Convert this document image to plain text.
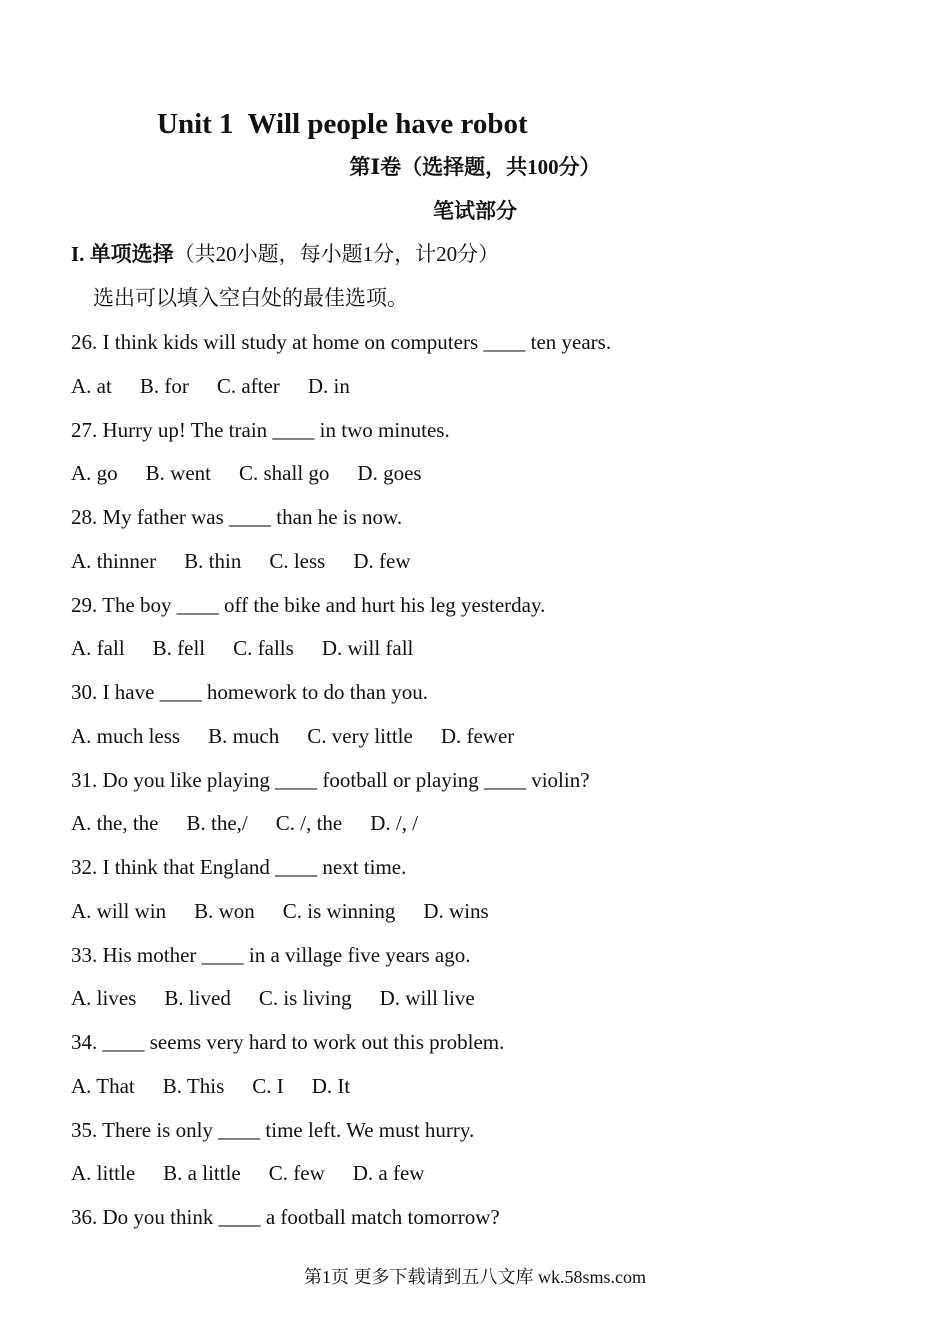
Unit 1  Will people have robot
第Ⅰ卷（选择题，共100分）
笔试部分
I. 单项选择（共20小题，每小题1分，计20分）
选出可以填入空白处的最佳选项。
26. I think kids will study at home on computers ____ ten years.
A. at B. for C. after D. in
27. Hurry up! The train ____ in two minutes.
A. go B. went C. shall go D. goes
28. My father was ____ than he is now.
A. thinner B. thin C. less D. few
29. The boy ____ off the bike and hurt his leg yesterday.
A. fall B. fell C. falls D. will fall
30. I have ____ homework to do than you.
A. much less B. much C. very little D. fewer
31. Do you like playing ____ football or playing ____ violin?
A. the, the B. the,/ C. /, the D. /, /
32. I think that England ____ next time.
A. will win B. won C. is winning D. wins
33. His mother ____ in a village five years ago.
A. lives B. lived C. is living D. will live
34. ____ seems very hard to work out this problem.
A. That B. This C. I D. It
35. There is only ____ time left. We must hurry.
A. little B. a little C. few D. a few
36. Do you think ____ a football match tomorrow?
第1页 更多下载请到五八文库 wk.58sms.com
